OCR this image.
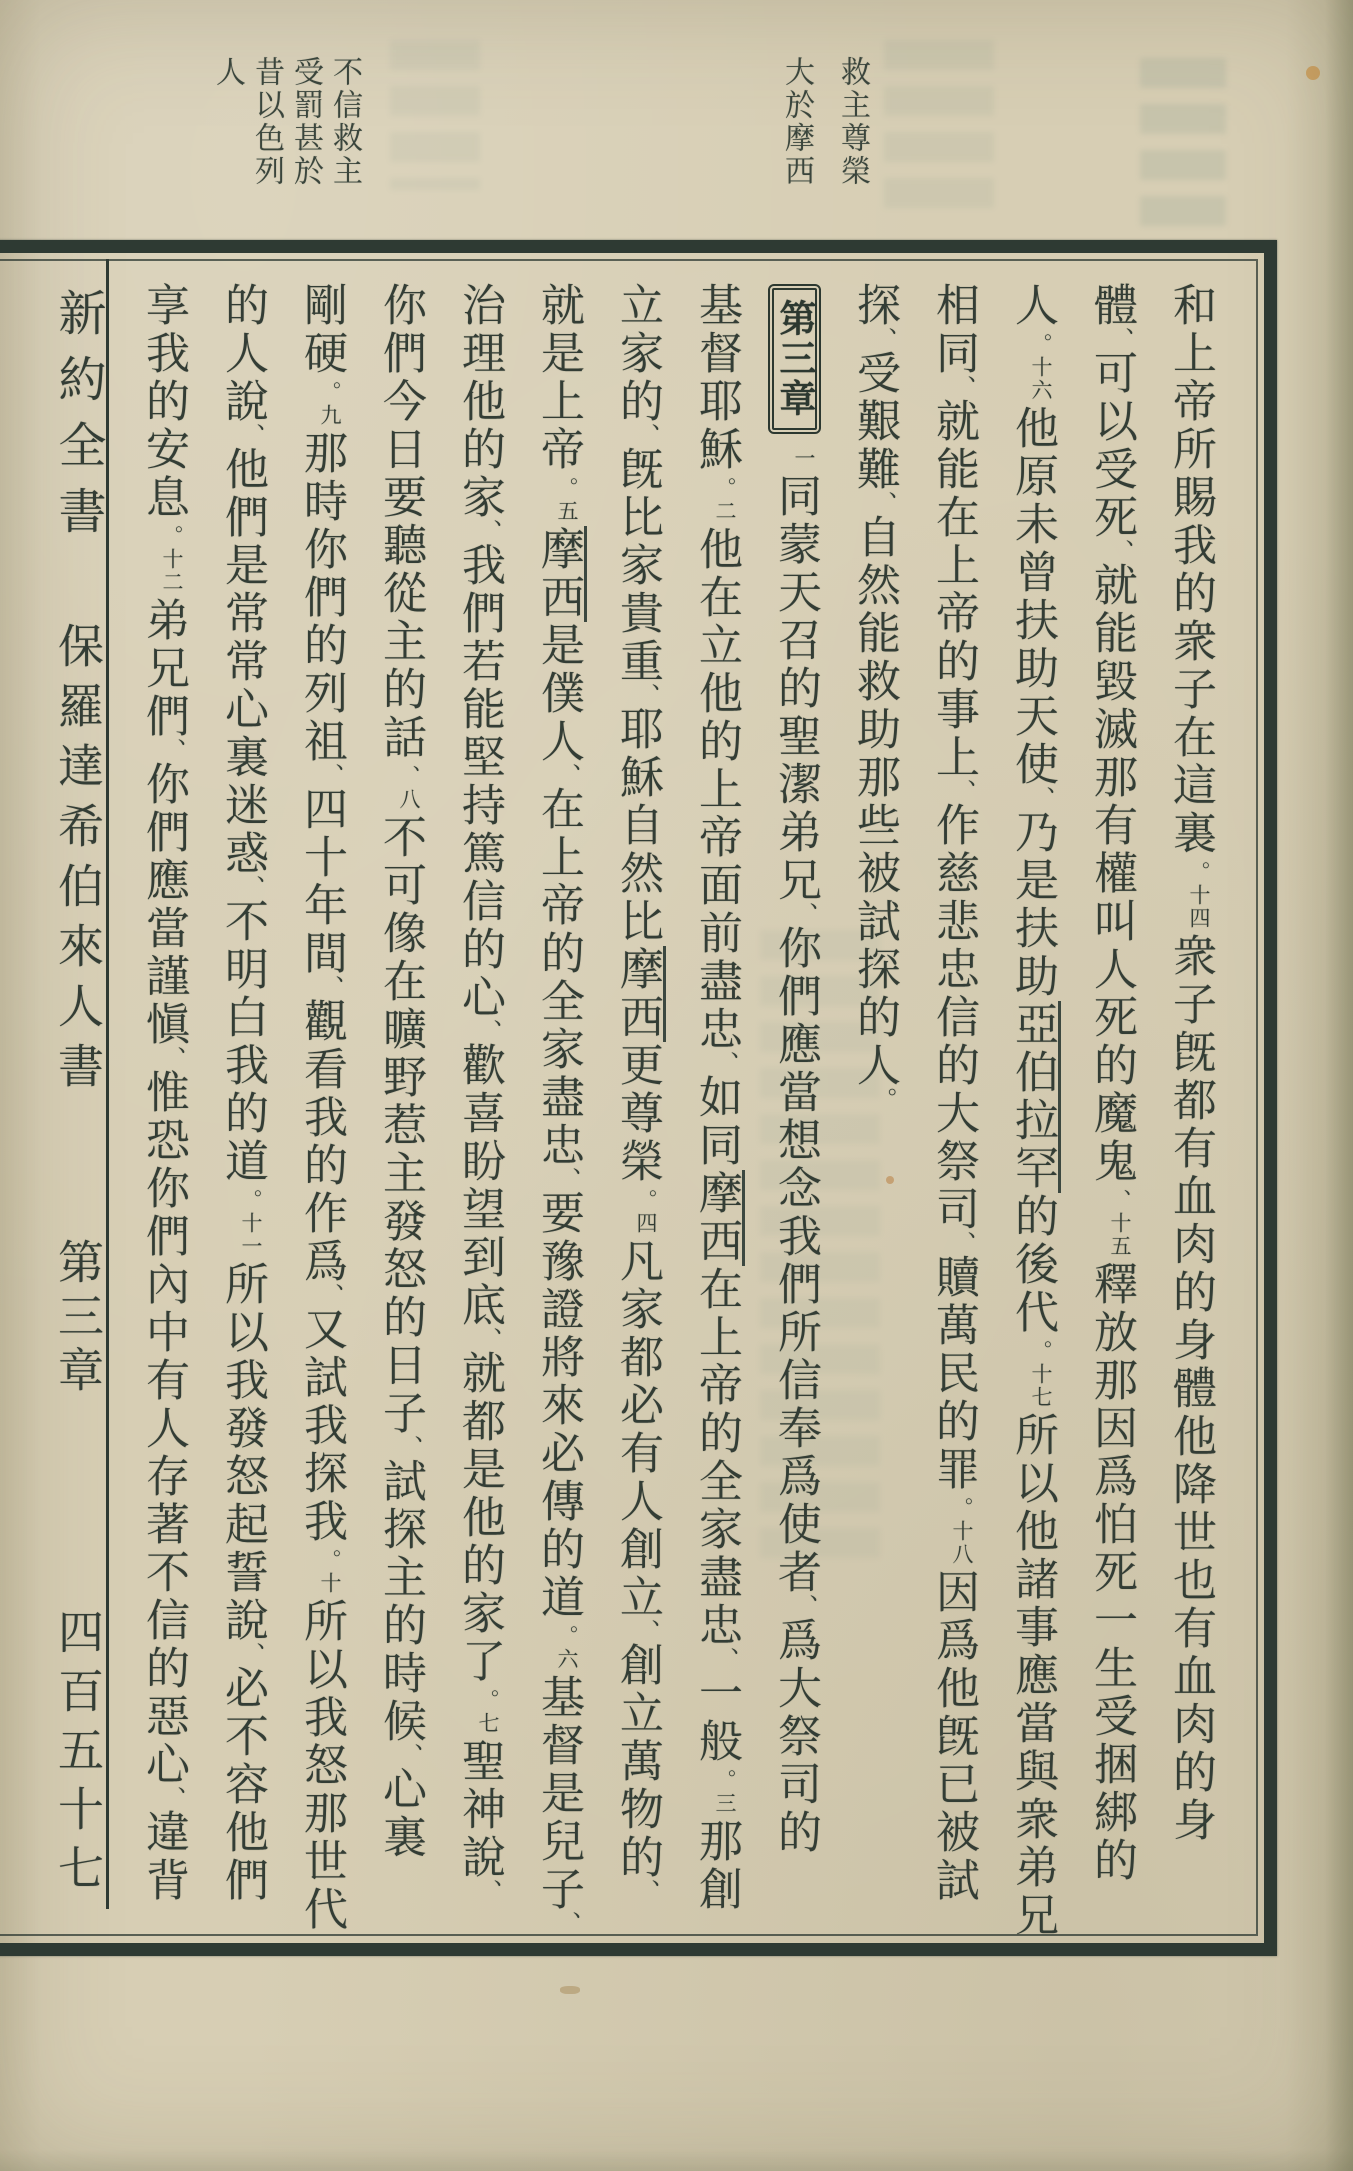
救主尊榮
大於摩西
不信救主
受罰甚於
昔以色列
人
新約全書
保羅達希伯來人書
第三章
四百五十七
和上帝所賜我的衆子在這裏。十四衆子旣都有血肉的身體他降世也有血肉的身
體、可以受死、就能毀滅那有權叫人死的魔鬼、十五釋放那因爲怕死一生受捆綁的
人。十六他原未曾扶助天使、乃是扶助亞伯拉罕的後代。十七所以他諸事應當與衆弟兄
相同、就能在上帝的事上、作慈悲忠信的大祭司、贖萬民的罪。十八因爲他旣已被試
探、受艱難、自然能救助那些被試探的人。
第三章一同蒙天召的聖潔弟兄、你們應當想念我們所信奉爲使者、爲大祭司的
基督耶穌。二他在立他的上帝面前盡忠、如同摩西在上帝的全家盡忠、一般。三那創
立家的、旣比家貴重、耶穌自然比摩西更尊榮。四凡家都必有人創立、創立萬物的、
就是上帝。五摩西是僕人、在上帝的全家盡忠、要豫證將來必傳的道。六基督是兒子、
治理他的家、我們若能堅持篤信的心、歡喜盼望到底、就都是他的家了。七聖神說、
你們今日要聽從主的話、八不可像在曠野惹主發怒的日子、試探主的時候、心裏
剛硬。九那時你們的列祖、四十年間、觀看我的作爲、又試我探我。十所以我怒那世代
的人說、他們是常常心裏迷惑、不明白我的道。十一所以我發怒起誓說、必不容他們
享我的安息。十二弟兄們、你們應當謹愼、惟恐你們內中有人存著不信的惡心、違背
